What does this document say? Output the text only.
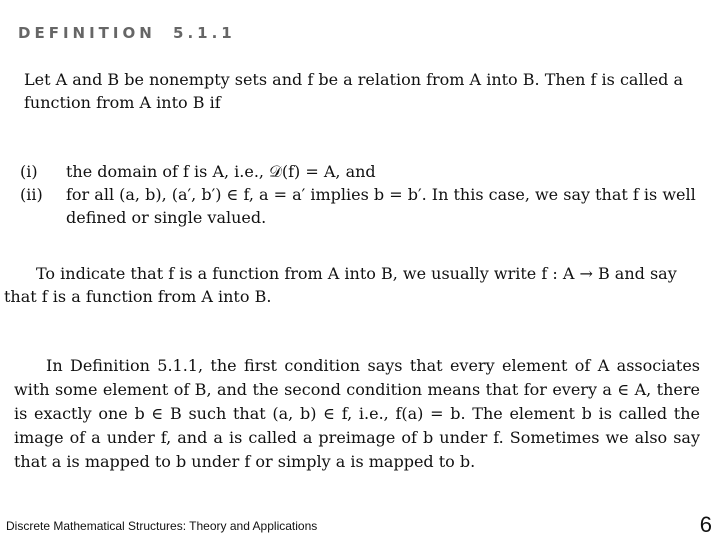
DEFINITION 5.1.1

Let A and B be nonempty sets and f be a relation from A into B. Then f is called a function from A into B if

(i)	the domain of f is A, i.e., 𝒟(f) = A, and
(ii)	for all (a, b), (a′, b′) ∈ f, a = a′ implies b = b′. In this case, we say that f is well defined or single valued.

To indicate that f is a function from A into B, we usually write f : A → B and say that f is a function from A into B.

In Definition 5.1.1, the first condition says that every element of A associates with some element of B, and the second condition means that for every a ∈ A, there is exactly one b ∈ B such that (a, b) ∈ f, i.e., f(a) = b. The element b is called the image of a under f, and a is called a preimage of b under f. Sometimes we also say that a is mapped to b under f or simply a is mapped to b.

Discrete Mathematical Structures: Theory and Applications	6
